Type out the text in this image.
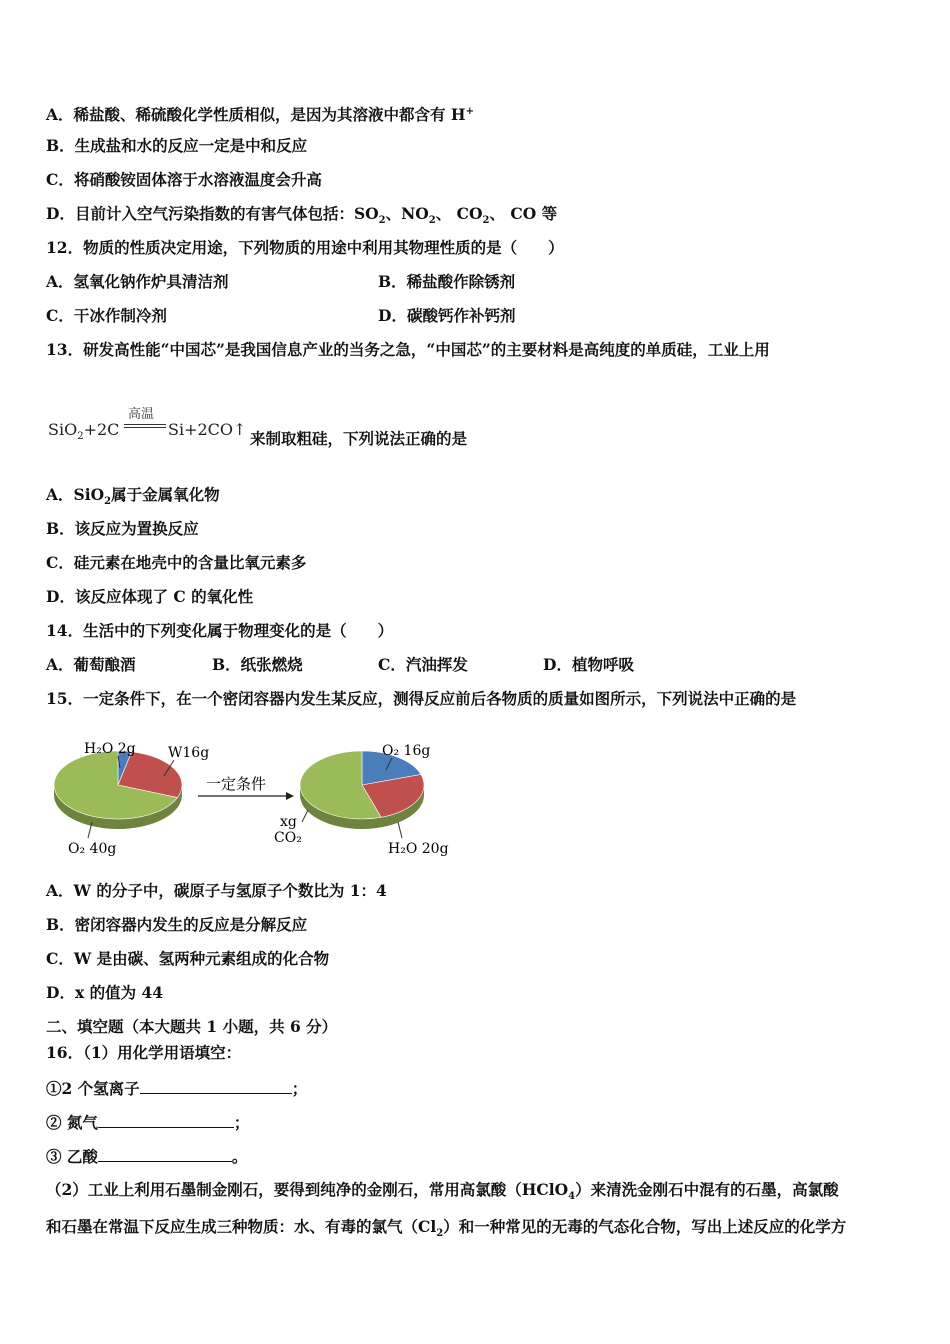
A．稀盐酸、稀硫酸化学性质相似，是因为其溶液中都含有 H+
B．生成盐和水的反应一定是中和反应
C．将硝酸铵固体溶于水溶液温度会升高
D．目前计入空气污染指数的有害气体包括：$SO_2$、$NO_2$、 $CO_2$、 CO 等
12．物质的性质决定用途，下列物质的用途中利用其物理性质的是（　　）
A．氢氧化钠作炉具清洁剂	B．稀盐酸作除锈剂
C．干冰作制冷剂	D．碳酸钙作补钙剂
13．研发高性能“中国芯”是我国信息产业的当务之急，“中国芯”的主要材料是高纯度的单质硅，工业上用
SiO$_2$+2C
高温
Si+2CO↑ 来制取粗硅，下列说法正确的是
A．SiO$_2$属于金属氧化物
B．该反应为置换反应
C．硅元素在地壳中的含量比氧元素多
D．该反应体现了 C 的氧化性
14．生活中的下列变化属于物理变化的是（　　）
A．葡萄酿酒	B．纸张燃烧	C．汽油挥发	D．植物呼吸
15．一定条件下，在一个密闭容器内发生某反应，测得反应前后各物质的质量如图所示，下列说法中正确的是
H₂O 2g W16g
O₂ 40g
一定条件
O₂ 16g
xg
CO₂
H₂O 20g
A．W 的分子中，碳原子与氢原子个数比为 1：4
B．密闭容器内发生的反应是分解反应
C．W 是由碳、氢两种元素组成的化合物
D．x 的值为 44
二、填空题（本大题共 1 小题，共 6 分）
16．（1）用化学用语填空：
①2 个氢离子	；
② 氮气	；
③ 乙酸	。
（2）工业上利用石墨制金刚石，要得到纯净的金刚石，常用高氯酸（HClO$_4$）来清洗金刚石中混有的石墨，高氯酸
和石墨在常温下反应生成三种物质：水、有毒的氯气$(Cl_2)$和一种常见的无毒的气态化合物，写出上述反应的化学方
